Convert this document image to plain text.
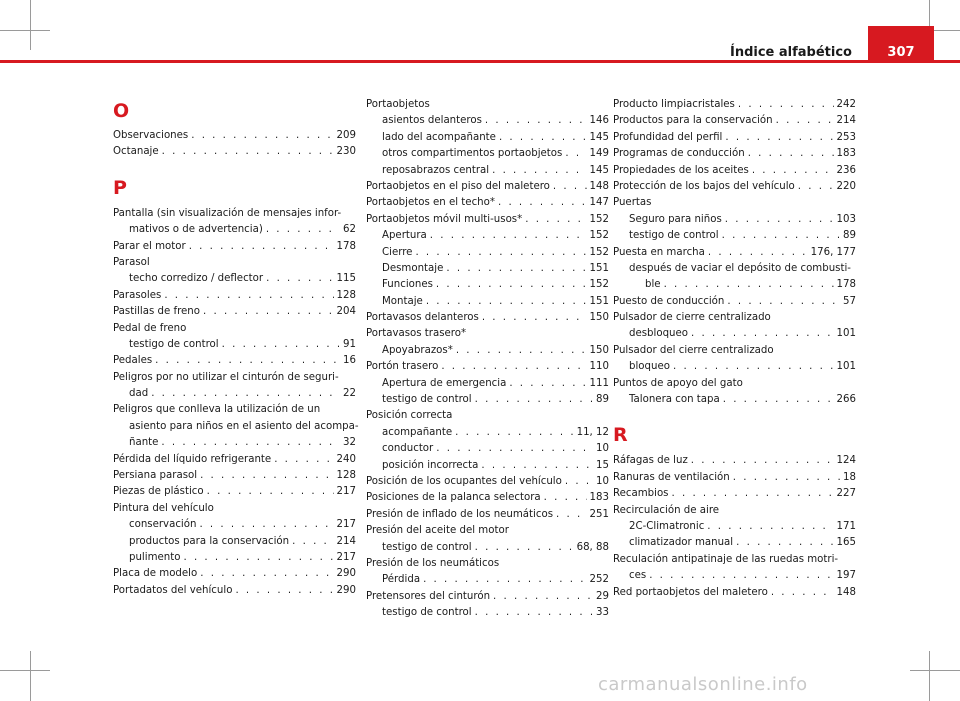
307
Índice alfabético
O
Observaciones . . .	209
Octanaje . . .	230
P
Pantalla (sin visualización de mensajes infor-
mativos o de advertencia) . . .	62
Parar el motor . . .	178
Parasol
techo corredizo / deflector . . .	115
Parasoles . . .	128
Pastillas de freno . . .	204
Pedal de freno
testigo de control . . .	91
Pedales . . .	16
Peligros por no utilizar el cinturón de seguri-
dad . . .	22
Peligros que conlleva la utilización de un
asiento para niños en el asiento del acompa-
ñante . . .	32
Pérdida del líquido refrigerante . . .	240
Persiana parasol . . .	128
Piezas de plástico . . .	217
Pintura del vehículo
conservación . . .	217
productos para la conservación . . .	214
pulimento . . .	217
Placa de modelo . . .	290
Portadatos del vehículo . . .	290
Portaobjetos
asientos delanteros . . .	146
lado del acompañante . . .	145
otros compartimentos portaobjetos . . .	149
reposabrazos central . . .	145
Portaobjetos en el piso del maletero . . .	148
Portaobjetos en el techo* . . .	147
Portaobjetos móvil multi-usos* . . .	152
Apertura . . .	152
Cierre . . .	152
Desmontaje . . .	151
Funciones . . .	152
Montaje . . .	151
Portavasos delanteros . . .	150
Portavasos trasero*
Apoyabrazos* . . .	150
Portón trasero . . .	110
Apertura de emergencia . . .	111
testigo de control . . .	89
Posición correcta
acompañante . . .	11, 12
conductor . . .	10
posición incorrecta . . .	15
Posición de los ocupantes del vehículo . . .	10
Posiciones de la palanca selectora . . .	183
Presión de inflado de los neumáticos . . .	251
Presión del aceite del motor
testigo de control . . .	68, 88
Presión de los neumáticos
Pérdida . . .	252
Pretensores del cinturón . . .	29
testigo de control . . .	33
Producto limpiacristales . . .	242
Productos para la conservación . . .	214
Profundidad del perfil . . .	253
Programas de conducción . . .	183
Propiedades de los aceites . . .	236
Protección de los bajos del vehículo . . .	220
Puertas
Seguro para niños . . .	103
testigo de control . . .	89
Puesta en marcha . . .	176, 177
después de vaciar el depósito de combusti-
ble . . .	178
Puesto de conducción . . .	57
Pulsador de cierre centralizado
desbloqueo . . .	101
Pulsador del cierre centralizado
bloqueo . . .	101
Puntos de apoyo del gato
Talonera con tapa . . .	266
R
Ráfagas de luz . . .	124
Ranuras de ventilación . . .	18
Recambios . . .	227
Recirculación de aire
2C-Climatronic . . .	171
climatizador manual . . .	165
Reculación antipatinaje de las ruedas motri-
ces . . .	197
Red portaobjetos del maletero . . .	148
carmanualsonline.info
